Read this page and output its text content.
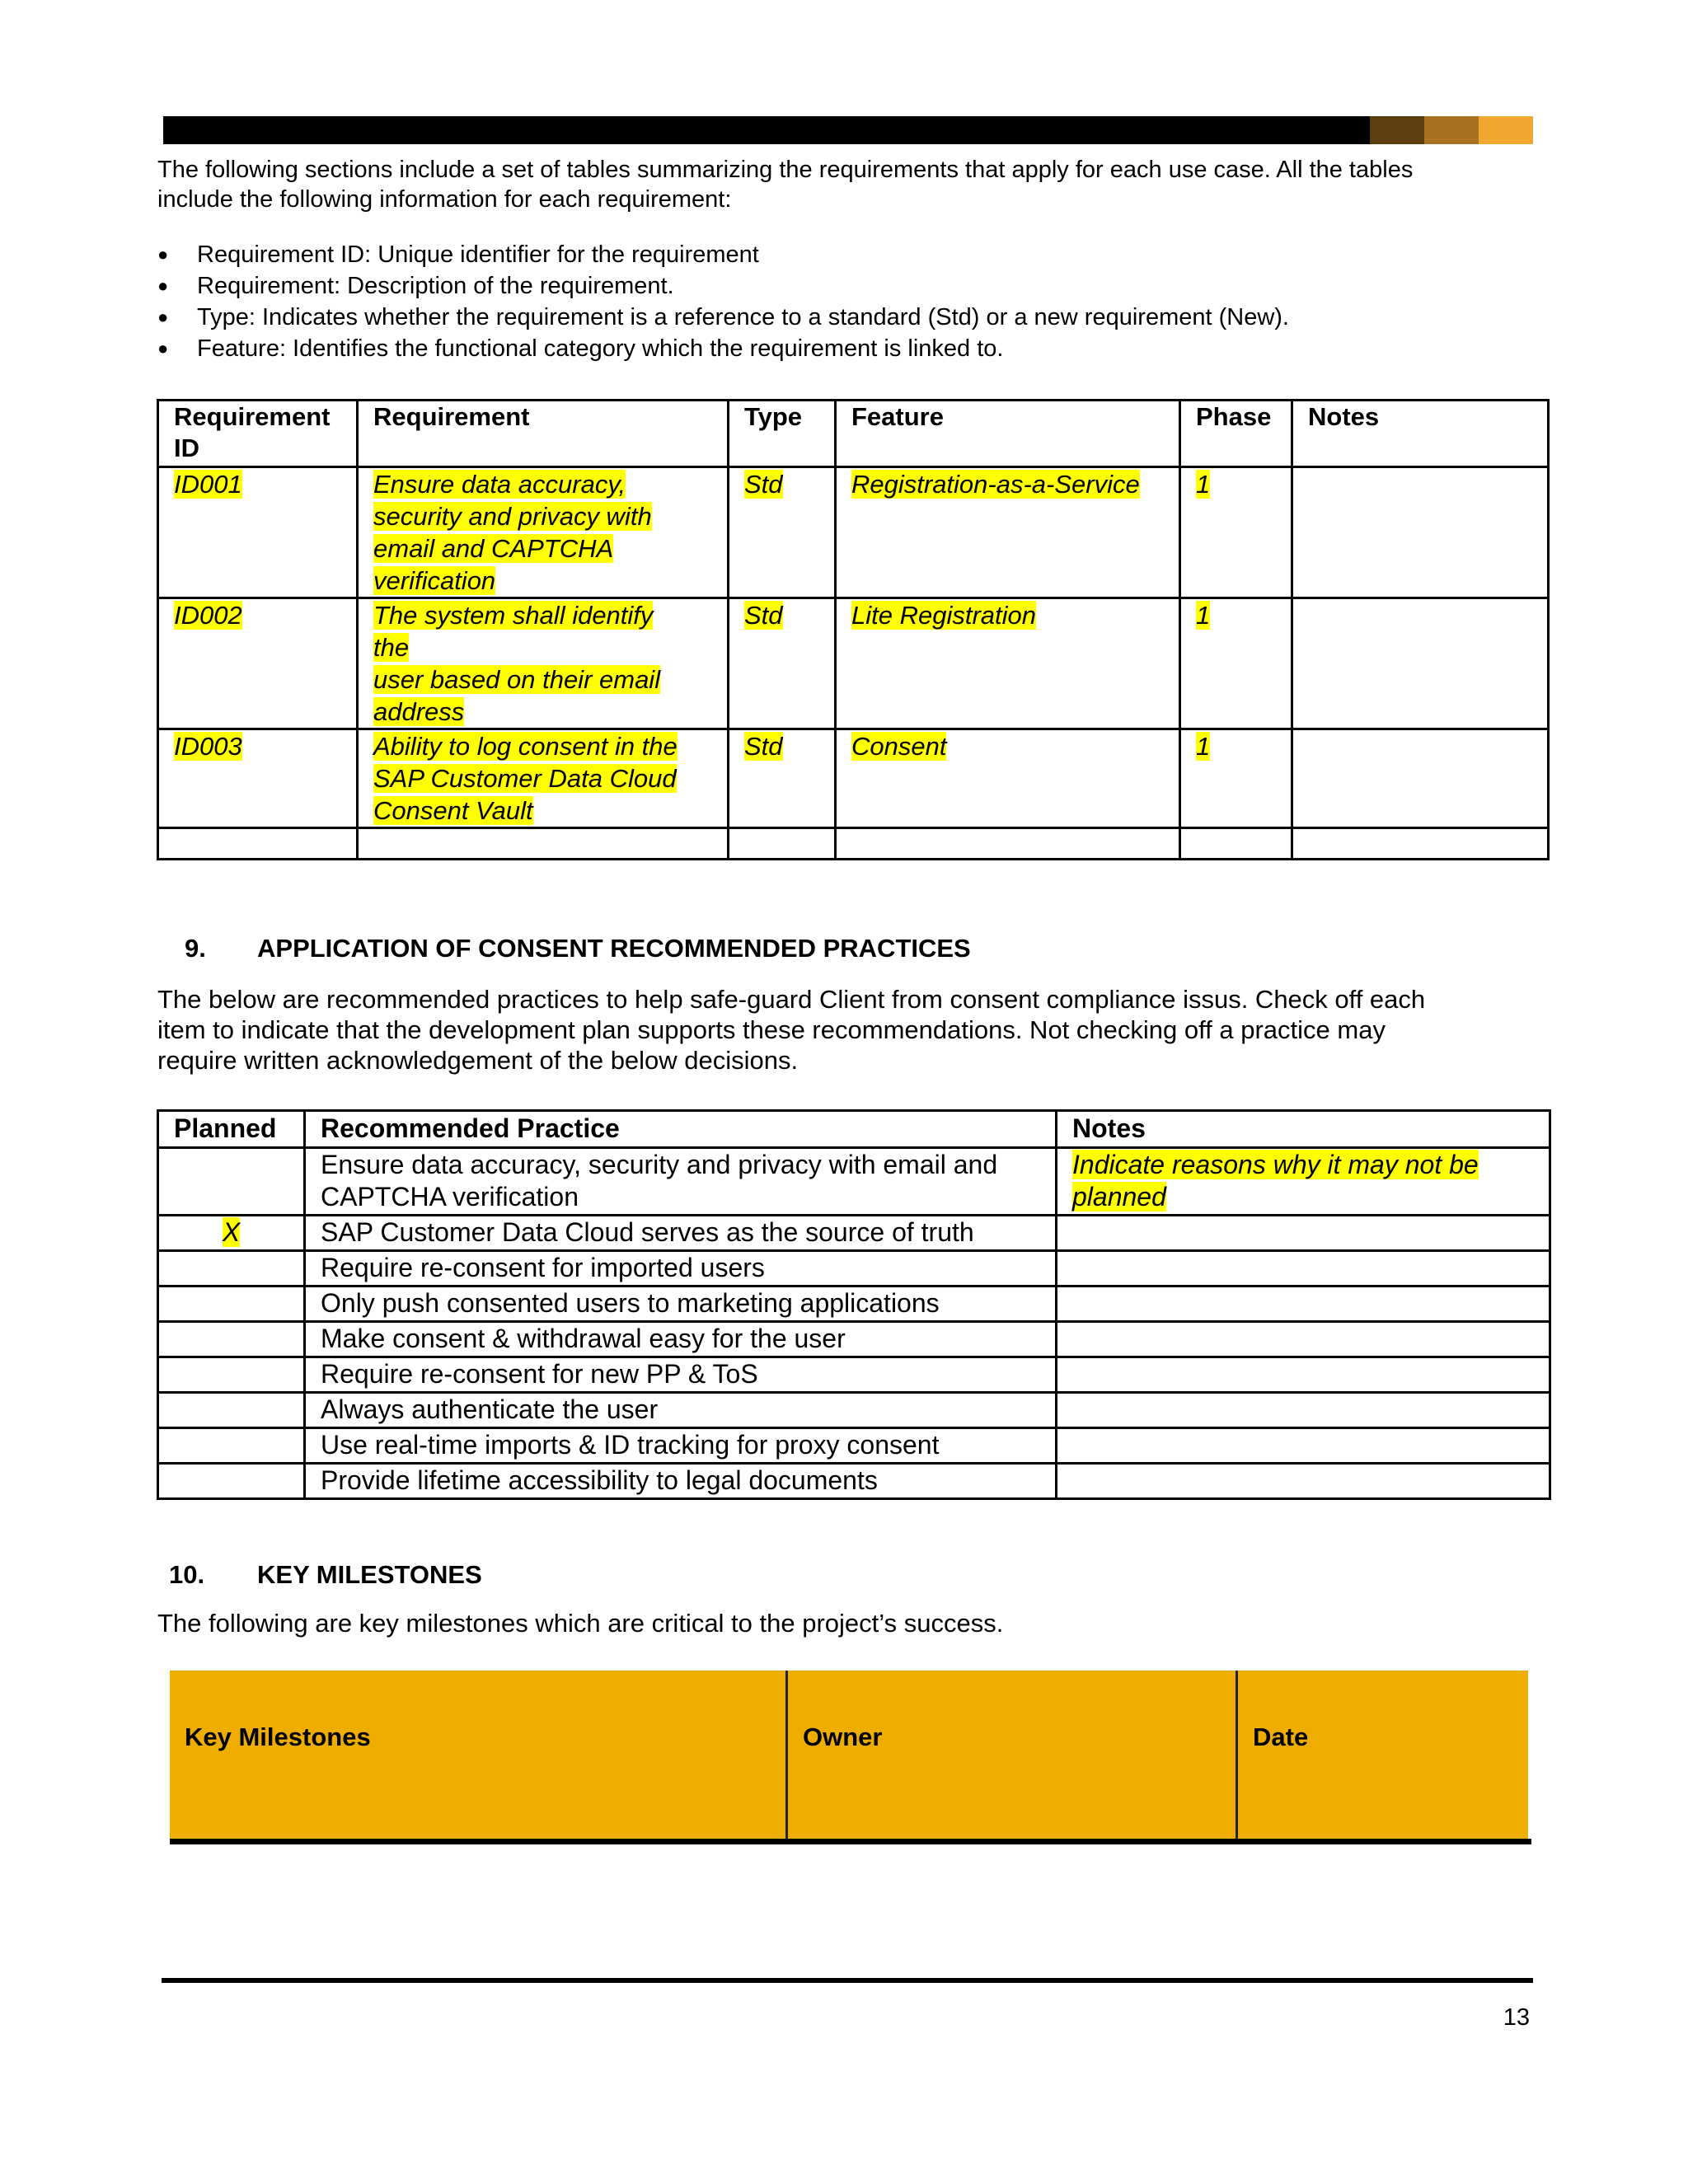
The following sections include a set of tables summarizing the requirements that apply for each use case. All the tables
include the following information for each requirement:
● Requirement ID: Unique identifier for the requirement
● Requirement: Description of the requirement.
● Type: Indicates whether the requirement is a reference to a standard (Std) or a new requirement (New).
● Feature: Identifies the functional category which the requirement is linked to.
Requirement
ID	Requirement	Type	Feature	Phase	Notes
ID001	Ensure data accuracy,
security and privacy with
email and CAPTCHA
verification	Std	Registration-as-a-Service	1	
ID002	The system shall identify
the
user based on their email
address	Std	Lite Registration	1	
ID003	Ability to log consent in the
SAP Customer Data Cloud
Consent Vault	Std	Consent	1	

9. APPLICATION OF CONSENT RECOMMENDED PRACTICES
The below are recommended practices to help safe-guard Client from consent compliance issus. Check off each
item to indicate that the development plan supports these recommendations. Not checking off a practice may
require written acknowledgement of the below decisions.
Planned	Recommended Practice	Notes
	Ensure data accuracy, security and privacy with email and
CAPTCHA verification	Indicate reasons why it may not be
planned
X	SAP Customer Data Cloud serves as the source of truth	
	Require re-consent for imported users	
	Only push consented users to marketing applications	
	Make consent & withdrawal easy for the user	
	Require re-consent for new PP & ToS	
	Always authenticate the user	
	Use real-time imports & ID tracking for proxy consent	
	Provide lifetime accessibility to legal documents	
10. KEY MILESTONES
The following are key milestones which are critical to the project’s success.
Key Milestones	Owner	Date
13
